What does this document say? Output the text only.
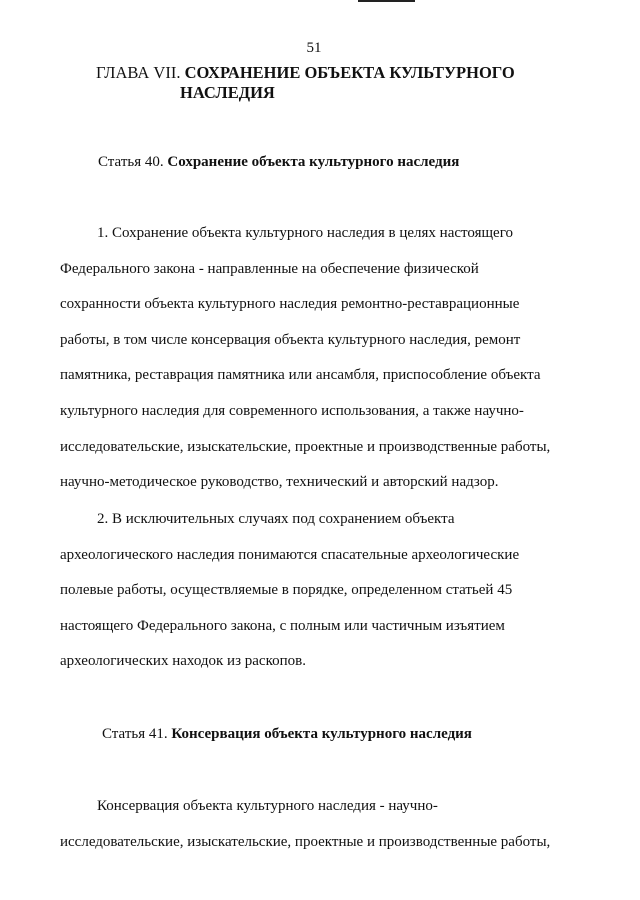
51
ГЛАВА VII. СОХРАНЕНИЕ ОБЪЕКТА КУЛЬТУРНОГО
НАСЛЕДИЯ
Статья 40. Сохранение объекта культурного наследия
1. Сохранение объекта культурного наследия в целях настоящего
Федерального закона - направленные на обеспечение физической
сохранности объекта культурного наследия ремонтно-реставрационные
работы, в том числе консервация объекта культурного наследия, ремонт
памятника, реставрация памятника или ансамбля, приспособление объекта
культурного наследия для современного использования, а также научно-
исследовательские, изыскательские, проектные и производственные работы,
научно-методическое руководство, технический и авторский надзор.
2. В исключительных случаях под сохранением объекта
археологического наследия понимаются спасательные археологические
полевые работы, осуществляемые в порядке, определенном статьей 45
настоящего Федерального закона, с полным или частичным изъятием
археологических находок из раскопов.
Статья 41. Консервация объекта культурного наследия
Консервация объекта культурного наследия - научно-
исследовательские, изыскательские, проектные и производственные работы,
